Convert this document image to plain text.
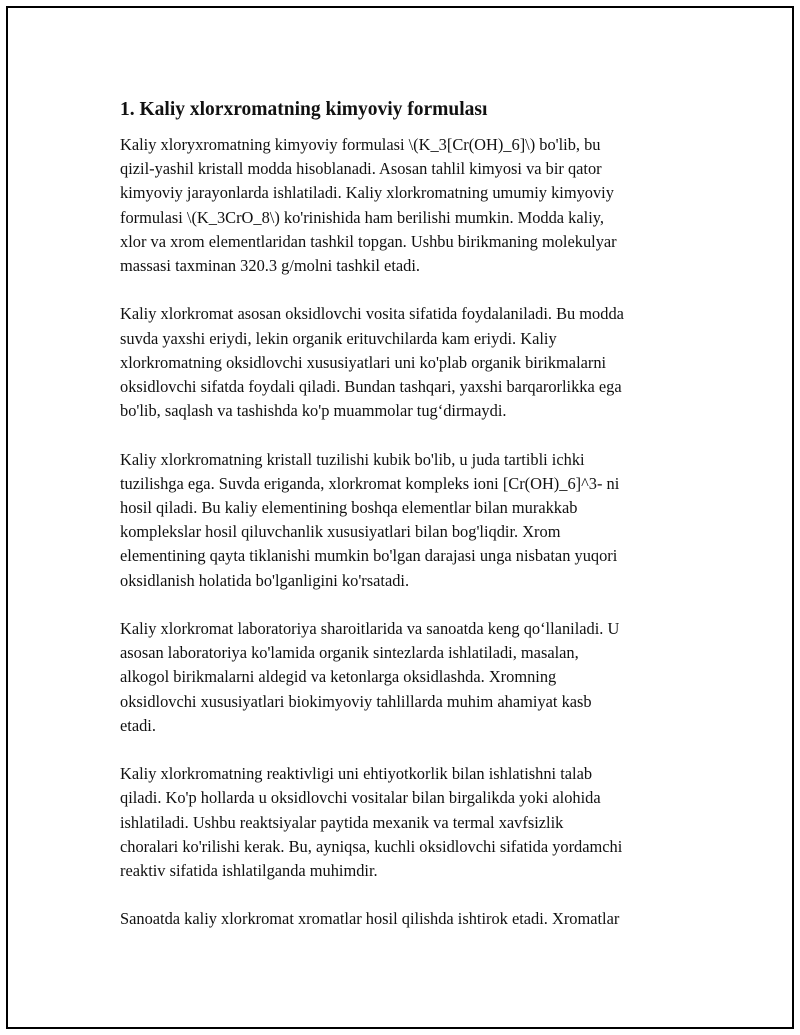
1. Kaliy xlorxromatning kimyoviy formulası

Kaliy xloryxromatning kimyoviy formulasi \(K_3[Cr(OH)_6]\) bo'lib, bu
qizil-yashil kristall modda hisoblanadi. Asosan tahlil kimyosi va bir qator
kimyoviy jarayonlarda ishlatiladi. Kaliy xlorkromatning umumiy kimyoviy
formulasi \(K_3CrO_8\) ko'rinishida ham berilishi mumkin. Modda kaliy,
xlor va xrom elementlaridan tashkil topgan. Ushbu birikmaning molekulyar
massasi taxminan 320.3 g/molni tashkil etadi.

Kaliy xlorkromat asosan oksidlovchi vosita sifatida foydalaniladi. Bu modda
suvda yaxshi eriydi, lekin organik erituvchilarda kam eriydi. Kaliy
xlorkromatning oksidlovchi xususiyatlari uni ko'plab organik birikmalarni
oksidlovchi sifatda foydali qiladi. Bundan tashqari, yaxshi barqarorlikka ega
bo'lib, saqlash va tashishda ko'p muammolar tug‘dirmaydi.

Kaliy xlorkromatning kristall tuzilishi kubik bo'lib, u juda tartibli ichki
tuzilishga ega. Suvda eriganda, xlorkromat kompleks ioni [Cr(OH)_6]^3- ni
hosil qiladi. Bu kaliy elementining boshqa elementlar bilan murakkab
komplekslar hosil qiluvchanlik xususiyatlari bilan bog'liqdir. Xrom
elementining qayta tiklanishi mumkin bo'lgan darajasi unga nisbatan yuqori
oksidlanish holatida bo'lganligini ko'rsatadi.

Kaliy xlorkromat laboratoriya sharoitlarida va sanoatda keng qo‘llaniladi. U
asosan laboratoriya ko'lamida organik sintezlarda ishlatiladi, masalan,
alkogol birikmalarni aldegid va ketonlarga oksidlashda. Xromning
oksidlovchi xususiyatlari biokimyoviy tahlillarda muhim ahamiyat kasb
etadi.

Kaliy xlorkromatning reaktivligi uni ehtiyotkorlik bilan ishlatishni talab
qiladi. Ko'p hollarda u oksidlovchi vositalar bilan birgalikda yoki alohida
ishlatiladi. Ushbu reaktsiyalar paytida mexanik va termal xavfsizlik
choralari ko'rilishi kerak. Bu, ayniqsa, kuchli oksidlovchi sifatida yordamchi
reaktiv sifatida ishlatilganda muhimdir.

Sanoatda kaliy xlorkromat xromatlar hosil qilishda ishtirok etadi. Xromatlar
